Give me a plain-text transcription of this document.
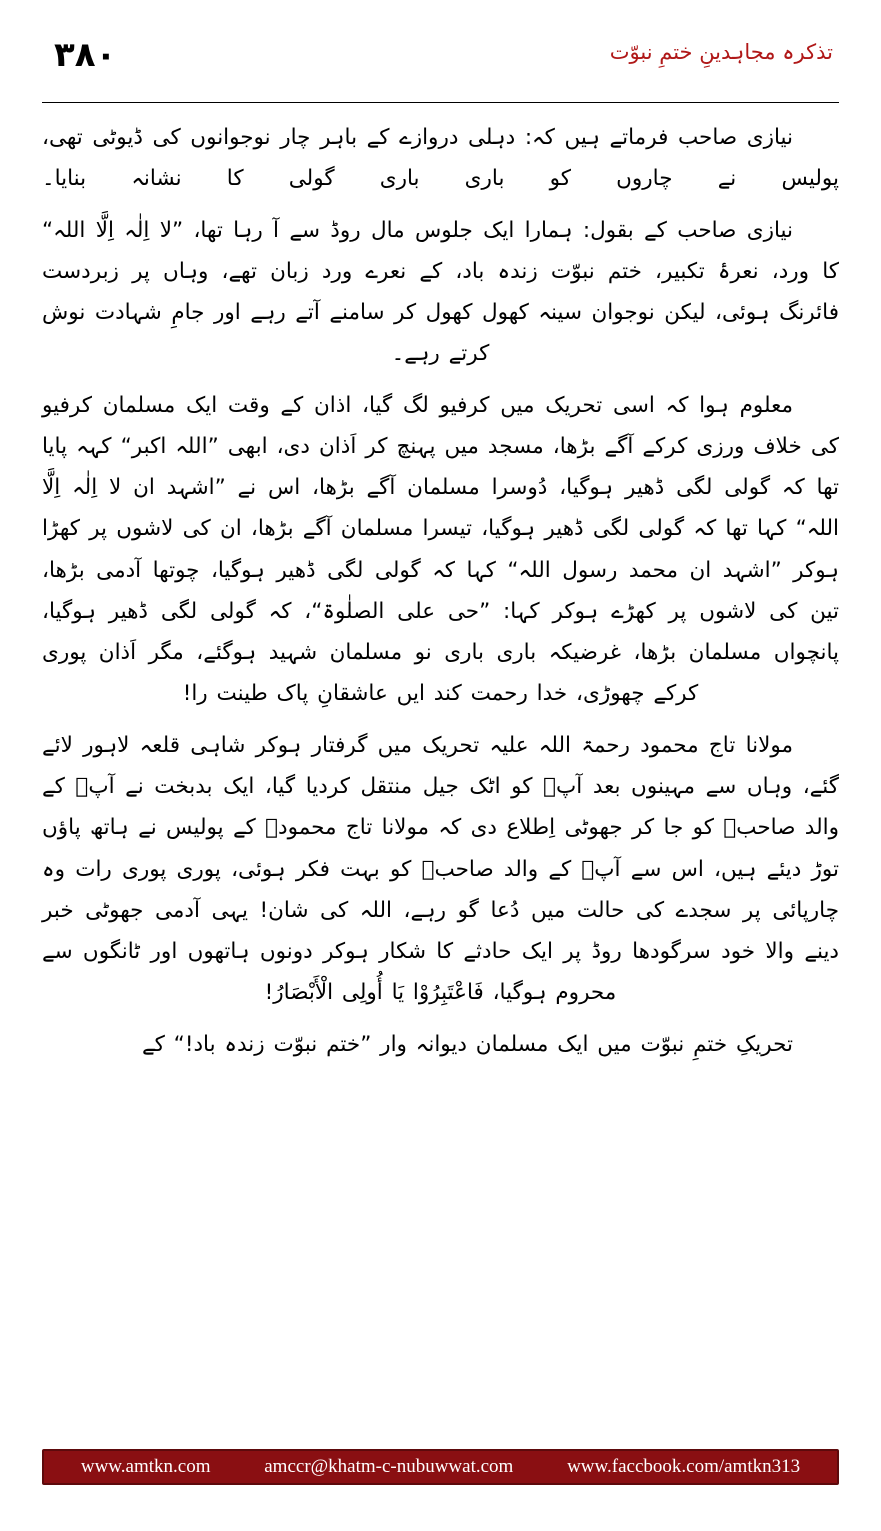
۳۸۰	تذکرہ مجاہدینِ ختمِ نبوّت

نیازی صاحب فرماتے ہیں کہ: دہلی دروازے کے باہر چار نوجوانوں کی ڈیوٹی تھی، پولیس نے چاروں کو باری باری گولی کا نشانہ بنایا۔

نیازی صاحب کے بقول: ہمارا ایک جلوس مال روڈ سے آ رہا تھا، ”لا اِلٰہ اِلَّا اللہ“ کا ورد، نعرۂ تکبیر، ختم نبوّت زندہ باد، کے نعرے ورد زبان تھے، وہاں پر زبردست فائرنگ ہوئی، لیکن نوجوان سینہ کھول کھول کر سامنے آتے رہے اور جامِ شہادت نوش کرتے رہے۔

معلوم ہوا کہ اسی تحریک میں کرفیو لگ گیا، اذان کے وقت ایک مسلمان کرفیو کی خلاف ورزی کرکے آگے بڑھا، مسجد میں پہنچ کر اَذان دی، ابھی ”اللہ اکبر“ کہہ پایا تھا کہ گولی لگی ڈھیر ہوگیا، دُوسرا مسلمان آگے بڑھا، اس نے ”اشہد ان لا اِلٰہ اِلَّا اللہ“ کہا تھا کہ گولی لگی ڈھیر ہوگیا، تیسرا مسلمان آگے بڑھا، ان کی لاشوں پر کھڑا ہوکر ”اشہد ان محمد رسول اللہ“ کہا کہ گولی لگی ڈھیر ہوگیا، چوتھا آدمی بڑھا، تین کی لاشوں پر کھڑے ہوکر کہا: ”حی علی الصلٰوۃ“، کہ گولی لگی ڈھیر ہوگیا، پانچواں مسلمان بڑھا، غرضیکہ باری باری نو مسلمان شہید ہوگئے، مگر اَذان پوری کرکے چھوڑی، خدا رحمت کند ایں عاشقانِ پاک طینت را!

مولانا تاج محمود رحمۃ اللہ علیہ تحریک میں گرفتار ہوکر شاہی قلعہ لاہور لائے گئے، وہاں سے مہینوں بعد آپؒ کو اٹک جیل منتقل کردیا گیا، ایک بدبخت نے آپؒ کے والد صاحبؒ کو جا کر جھوٹی اِطلاع دی کہ مولانا تاج محمودؒ کے پولیس نے ہاتھ پاؤں توڑ دیئے ہیں، اس سے آپؒ کے والد صاحبؒ کو بہت فکر ہوئی، پوری پوری رات وہ چارپائی پر سجدے کی حالت میں دُعا گو رہے، اللہ کی شان! یہی آدمی جھوٹی خبر دینے والا خود سرگودھا روڈ پر ایک حادثے کا شکار ہوکر دونوں ہاتھوں اور ٹانگوں سے محروم ہوگیا، فَاعْتَبِرُوْا یَا أُولِی الْأَبْصَارُ!

تحریکِ ختمِ نبوّت میں ایک مسلمان دیوانہ وار ”ختم نبوّت زندہ باد!“ کے

www.amtkn.com	amccr@khatm-c-nubuwwat.com	www.faccbook.com/amtkn313
